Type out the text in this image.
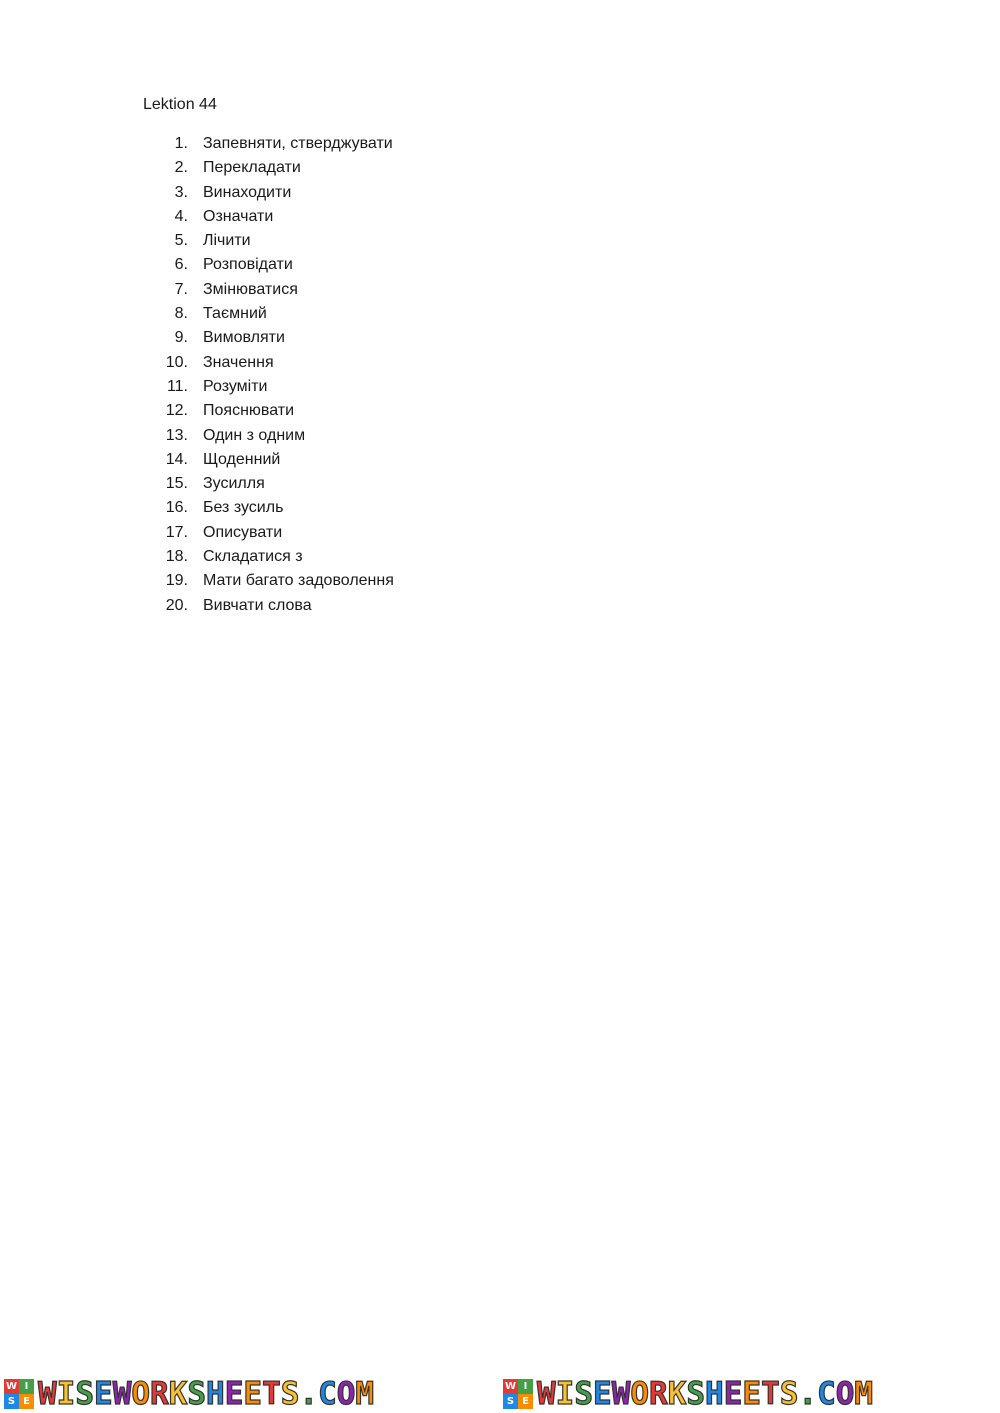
Lektion 44
1. Запевняти, стверджувати
2. Перекладати
3. Винаходити
4. Означати
5. Лічити
6. Розповідати
7. Змінюватися
8. Таємний
9. Вимовляти
10. Значення
11. Розуміти
12. Пояснювати
13. Один з одним
14. Щоденний
15. Зусилля
16. Без зусиль
17. Описувати
18. Складатися з
19. Мати багато задоволення
20. Вивчати слова
W I
S E WISEWORKSHEETS.COM	W I
S E WISEWORKSHEETS.COM
